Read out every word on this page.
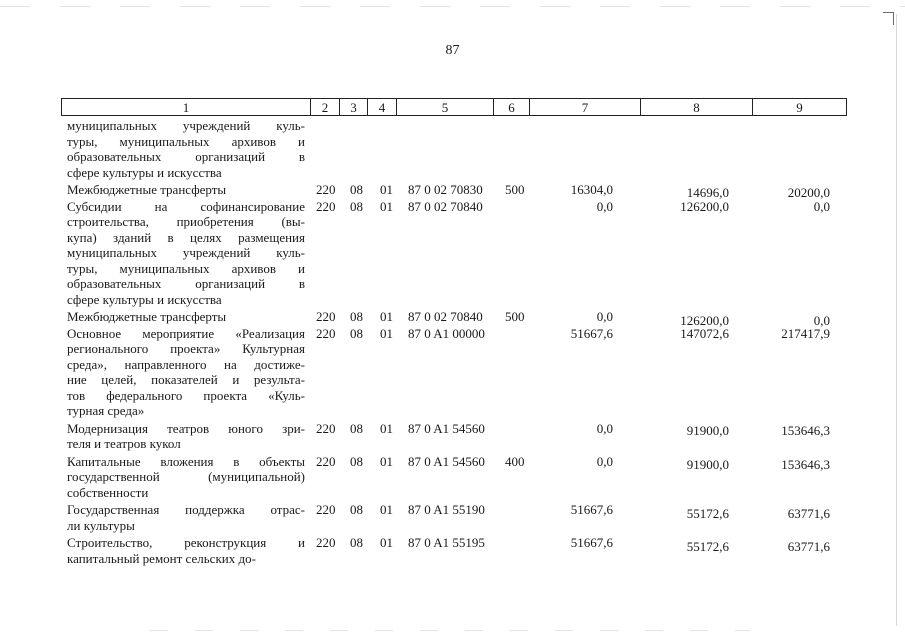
87
1	2	3	4	5	6	7	8	9
муниципальных учреждений куль-
туры, муниципальных архивов и
образовательных организаций в
сфере культуры и искусства
Межбюджетные трансферты	220 08 01 87 0 02 70830 500	16304,0	14696,0	20200,0
Субсидии на софинансирование
строительства, приобретения (вы-
купа) зданий в целях размещения
муниципальных учреждений куль-
туры, муниципальных архивов и
образовательных организаций в
сфере культуры и искусства
220 08 01 87 0 02 70840	0,0	126200,0	0,0
Межбюджетные трансферты	220 08 01 87 0 02 70840 500	0,0	126200,0	0,0
Основное мероприятие «Реализация
регионального проекта» Культурная
среда», направленного на достиже-
ние целей, показателей и результа-
тов федерального проекта «Куль-
турная среда»
220 08 01 87 0 A1 00000	51667,6	147072,6	217417,9
Модернизация театров юного зри-
теля и театров кукол
220 08 01 87 0 A1 54560	0,0	91900,0	153646,3
Капитальные вложения в объекты
государственной (муниципальной)
собственности
220 08 01 87 0 A1 54560 400	0,0	91900,0	153646,3
Государственная поддержка отрас-
ли культуры
220 08 01 87 0 A1 55190	51667,6	55172,6	63771,6
Строительство, реконструкция и
капитальный ремонт сельских до-
220 08 01 87 0 A1 55195	51667,6	55172,6	63771,6
